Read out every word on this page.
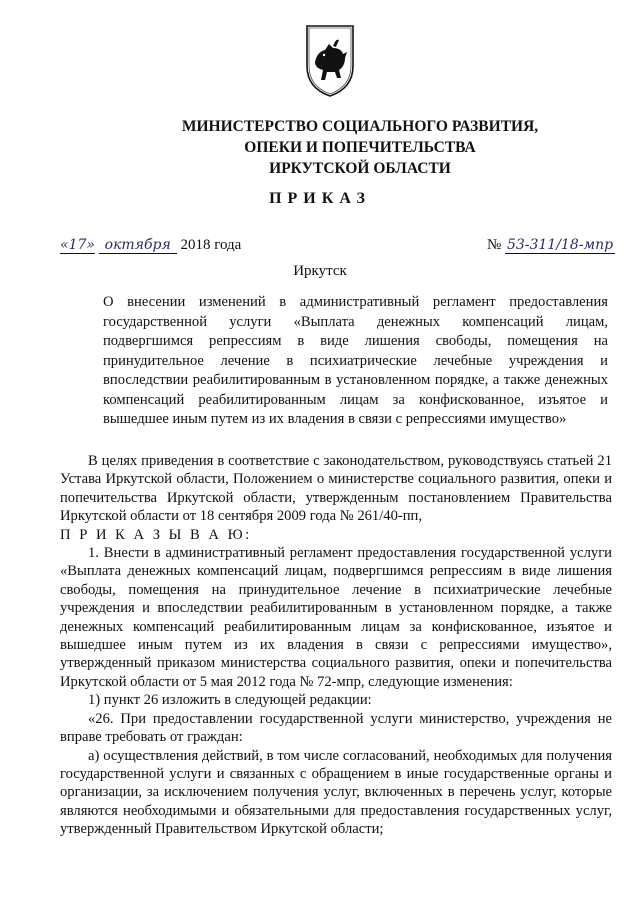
МИНИСТЕРСТВО СОЦИАЛЬНОГО РАЗВИТИЯ,
ОПЕКИ И ПОПЕЧИТЕЛЬСТВА
ИРКУТСКОЙ ОБЛАСТИ
ПРИКАЗ
«17» октября 2018 года	№ 53-311/18-мпр
Иркутск
О внесении изменений в административный регламент предоставления государственной услуги «Выплата денежных компенсаций лицам, подвергшимся репрессиям в виде лишения свободы, помещения на принудительное лечение в психиатрические лечебные учреждения и впоследствии реабилитированным в установленном порядке, а также денежных компенсаций реабилитированным лицам за конфискованное, изъятое и вышедшее иным путем из их владения в связи с репрессиями имущество»

В целях приведения в соответствие с законодательством, руководствуясь статьей 21 Устава Иркутской области, Положением о министерстве социального развития, опеки и попечительства Иркутской области, утвержденным постановлением Правительства Иркутской области от 18 сентября 2009 года № 261/40-пп,

П Р И К А З Ы В А Ю:

1. Внести в административный регламент предоставления государственной услуги «Выплата денежных компенсаций лицам, подвергшимся репрессиям в виде лишения свободы, помещения на принудительное лечение в психиатрические лечебные учреждения и впоследствии реабилитированным в установленном порядке, а также денежных компенсаций реабилитированным лицам за конфискованное, изъятое и вышедшее иным путем из их владения в связи с репрессиями имущество», утвержденный приказом министерства социального развития, опеки и попечительства Иркутской области от 5 мая 2012 года № 72-мпр, следующие изменения:

1) пункт 26 изложить в следующей редакции:

«26. При предоставлении государственной услуги министерство, учреждения не вправе требовать от граждан:

а) осуществления действий, в том числе согласований, необходимых для получения государственной услуги и связанных с обращением в иные государственные органы и организации, за исключением получения услуг, включенных в перечень услуг, которые являются необходимыми и обязательными для предоставления государственных услуг, утвержденный Правительством Иркутской области;
